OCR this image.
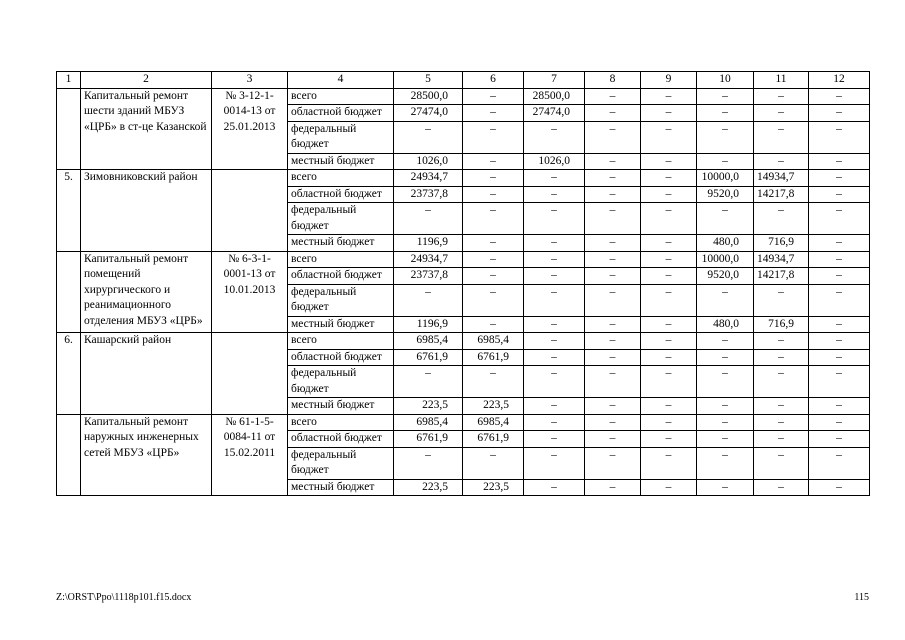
1	2	3	4	5	6	7	8	9	10	11	12
	Капитальный ремонт шести зданий МБУЗ «ЦРБ» в ст-це Казанской	№ 3-12-1-0014-13 от 25.01.2013	всего	28500,0	–	28500,0	–	–	–	–	–

			областной бюджет	27474,0	–	27474,0	–	–	–	–	–

			федеральный бюджет	–	–	–	–	–	–	–	–

			местный бюджет	1026,0	–	1026,0	–	–	–	–	–

5.	Зимовниковский район		всего	24934,7	–	–	–	–	10000,0	14934,7	–

			областной бюджет	23737,8	–	–	–	–	9520,0	14217,8	–

			федеральный бюджет	–	–	–	–	–	–	–	–

			местный бюджет	1196,9	–	–	–	–	480,0	716,9	–

	Капитальный ремонт помещений хирургического и реанимационного отделения МБУЗ «ЦРБ»	№ 6-3-1-0001-13 от 10.01.2013	всего	24934,7	–	–	–	–	10000,0	14934,7	–

			областной бюджет	23737,8	–	–	–	–	9520,0	14217,8	–

			федеральный бюджет	–	–	–	–	–	–	–	–

			местный бюджет	1196,9	–	–	–	–	480,0	716,9	–

6.	Кашарский район		всего	6985,4	6985,4	–	–	–	–	–	–

			областной бюджет	6761,9	6761,9	–	–	–	–	–	–

			федеральный бюджет	–	–	–	–	–	–	–	–

			местный бюджет	223,5	223,5	–	–	–	–	–	–

	Капитальный ремонт наружных инженерных сетей МБУЗ «ЦРБ»	№ 61-1-5-0084-11 от 15.02.2011	всего	6985,4	6985,4	–	–	–	–	–	–

			областной бюджет	6761,9	6761,9	–	–	–	–	–	–

			федеральный бюджет	–	–	–	–	–	–	–	–

			местный бюджет	223,5	223,5	–	–	–	–	–	–

Z:\ORST\Ppo\1118p101.f15.docx	115
